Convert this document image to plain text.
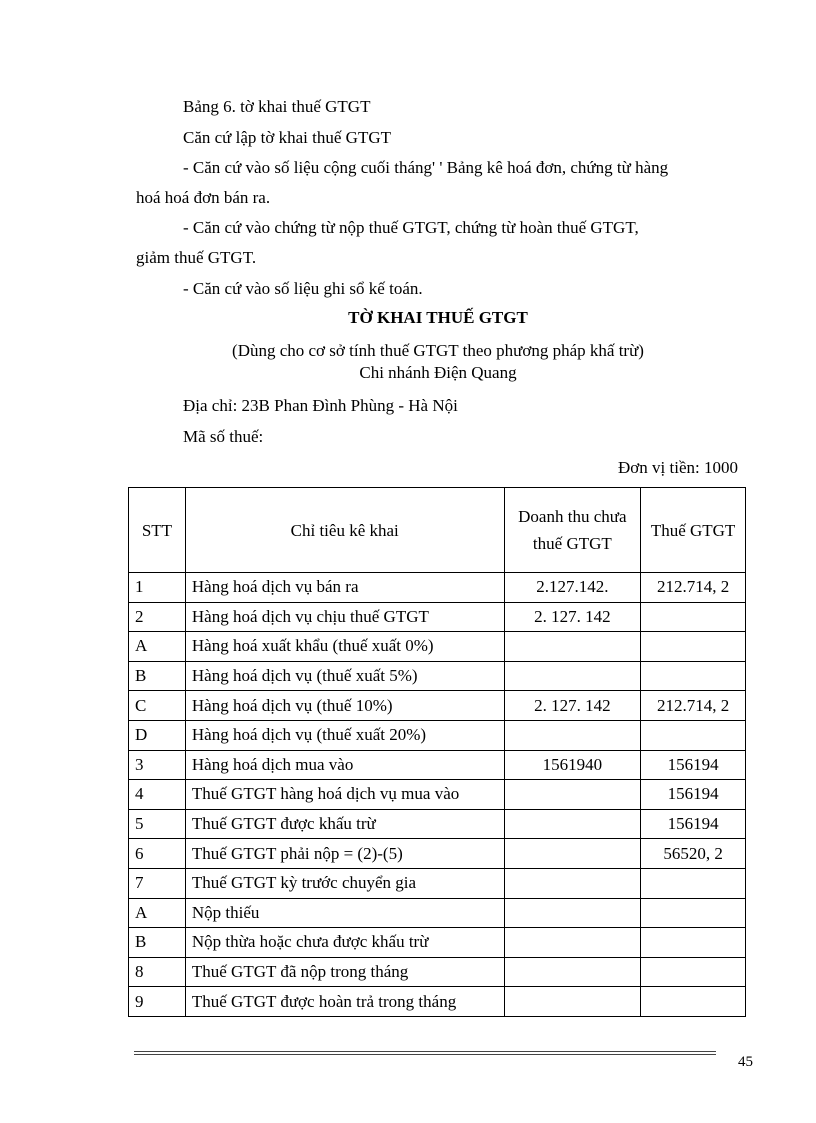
Bảng 6. tờ khai thuế GTGT
Căn cứ lập tờ khai thuế GTGT
- Căn cứ vào số liệu cộng cuối tháng' ' Bảng kê hoá đơn, chứng từ hàng
hoá hoá đơn bán ra.
- Căn cứ vào chứng từ nộp thuế GTGT, chứng từ hoàn thuế GTGT,
giảm thuế GTGT.
- Căn cứ vào số liệu ghi sổ kế toán.
TỜ KHAI THUẾ GTGT
(Dùng cho cơ sở tính thuế GTGT theo phương pháp khấ trừ)
Chi nhánh Điện Quang
Địa chỉ: 23B Phan Đình Phùng - Hà Nội
Mã số thuế:
Đơn vị tiền: 1000
STT	Chỉ tiêu kê khai	Doanh thu chưa thuế GTGT	Thuế GTGT
1	Hàng hoá dịch vụ bán ra	2.127.142.	212.714, 2
2	Hàng hoá dịch vụ chịu thuế GTGT	2. 127. 142	
A	Hàng hoá xuất khẩu (thuế xuất 0%)		
B	Hàng hoá dịch vụ (thuế xuất 5%)		
C	Hàng hoá dịch vụ (thuế 10%)	2. 127. 142	212.714, 2
D	Hàng hoá dịch vụ (thuế xuất 20%)		
3	Hàng hoá dịch mua vào	1561940	156194
4	Thuế GTGT hàng hoá dịch vụ mua vào		156194
5	Thuế GTGT được khấu trừ		156194
6	Thuế GTGT phải nộp = (2)-(5)		56520, 2
7	Thuế GTGT kỳ trước chuyển gia		
A	Nộp thiếu		
B	Nộp thừa hoặc chưa được khấu trừ		
8	Thuế GTGT đã nộp trong tháng		
9	Thuế GTGT được hoàn trả trong tháng		
45
